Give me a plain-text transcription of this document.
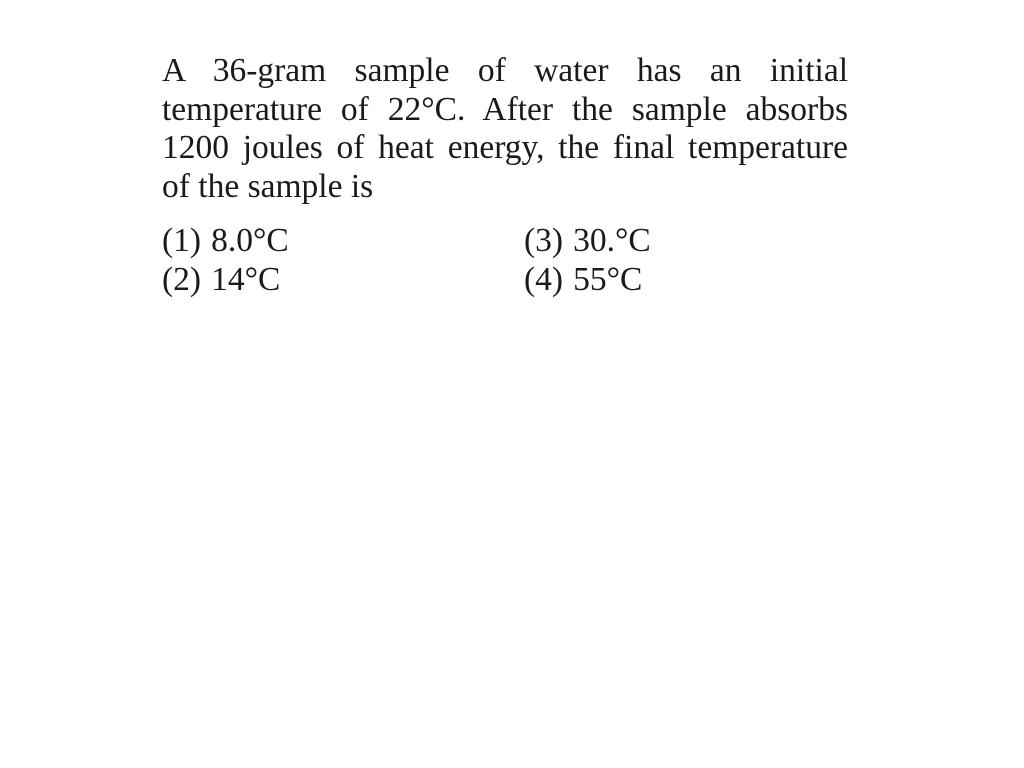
A 36-gram sample of water has an initial
temperature of 22°C. After the sample absorbs
1200 joules of heat energy, the final temperature
of the sample is
(1) 8.0°C	(3) 30.°C
(2) 14°C	(4) 55°C
